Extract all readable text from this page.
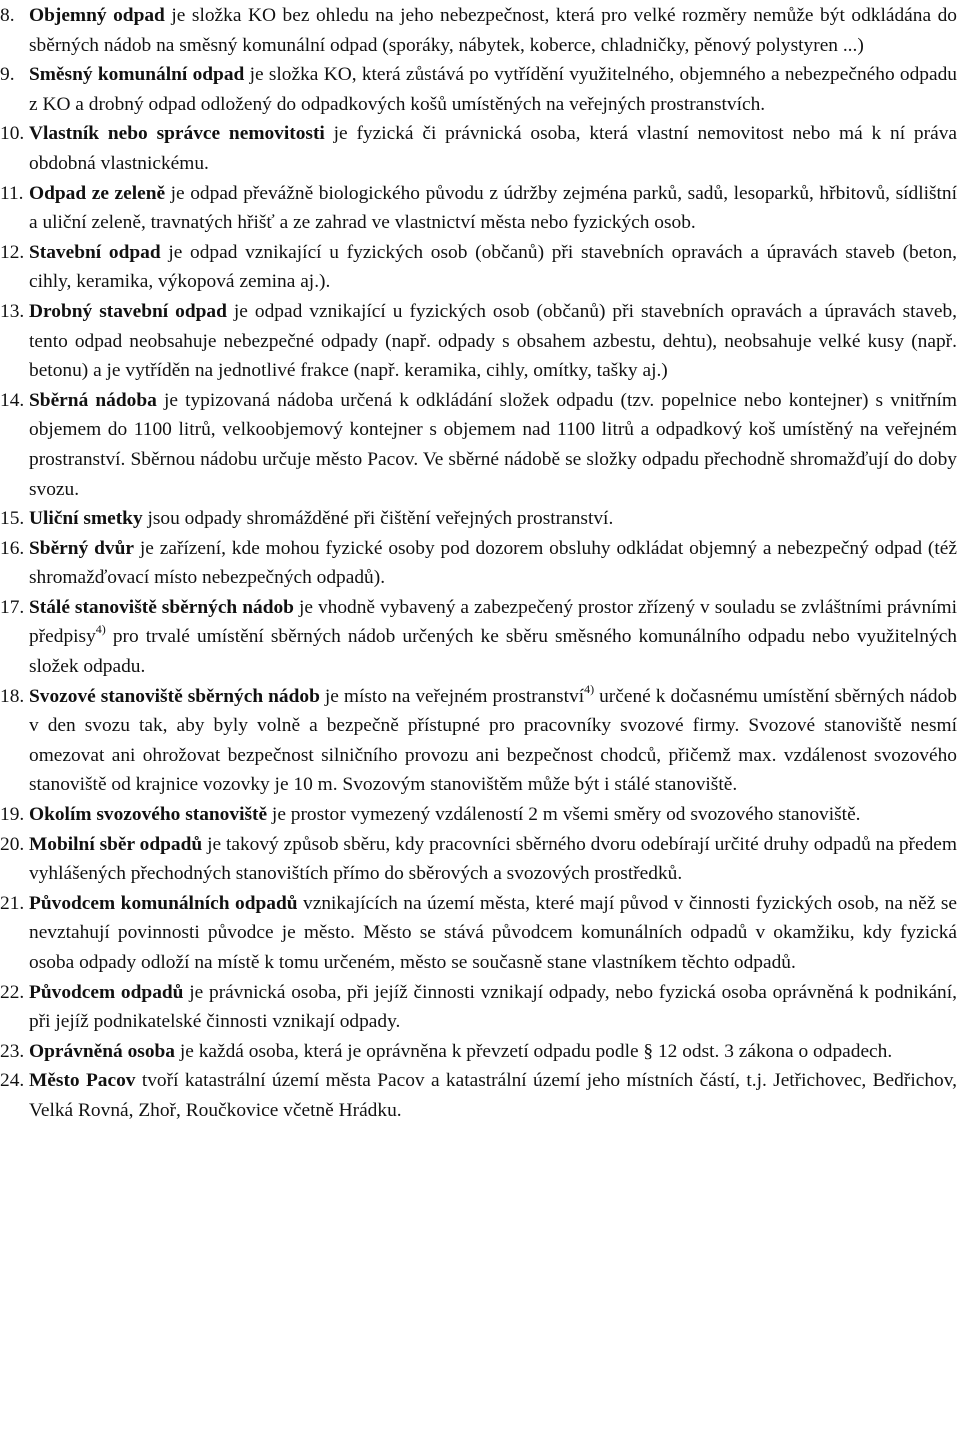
8. Objemný odpad je složka KO bez ohledu na jeho nebezpečnost, která pro velké rozměry nemůže být odkládána do sběrných nádob na směsný komunální odpad (sporáky, nábytek, koberce, chladničky, pěnový polystyren ...)
9. Směsný komunální odpad je složka KO, která zůstává po vytřídění využitelného, objemného a nebezpečného odpadu z KO a drobný odpad odložený do odpadkových košů umístěných na veřejných prostranstvích.
10. Vlastník nebo správce nemovitosti je fyzická či právnická osoba, která vlastní nemovitost nebo má k ní práva obdobná vlastnickému.
11. Odpad ze zeleně je odpad převážně biologického původu z údržby zejména parků, sadů, lesoparků, hřbitovů, sídlištní a uliční zeleně, travnatých hřišť a ze zahrad ve vlastnictví města nebo fyzických osob.
12. Stavební odpad je odpad vznikající u fyzických osob (občanů) při stavebních opravách a úpravách staveb (beton, cihly, keramika, výkopová zemina aj.).
13. Drobný stavební odpad je odpad vznikající u fyzických osob (občanů) při stavebních opravách a úpravách staveb, tento odpad neobsahuje nebezpečné odpady (např. odpady s obsahem azbestu, dehtu), neobsahuje velké kusy (např. betonu) a je vytříděn na jednotlivé frakce (např. keramika, cihly, omítky, tašky aj.)
14. Sběrná nádoba je typizovaná nádoba určená k odkládání složek odpadu (tzv. popelnice nebo kontejner) s vnitřním objemem do 1100 litrů, velkoobjemový kontejner s objemem nad 1100 litrů a odpadkový koš umístěný na veřejném prostranství. Sběrnou nádobu určuje město Pacov. Ve sběrné nádobě se složky odpadu přechodně shromažďují do doby svozu.
15. Uliční smetky jsou odpady shromážděné při čištění veřejných prostranství.
16. Sběrný dvůr je zařízení, kde mohou fyzické osoby pod dozorem obsluhy odkládat objemný a nebezpečný odpad (též shromažďovací místo nebezpečných odpadů).
17. Stálé stanoviště sběrných nádob je vhodně vybavený a zabezpečený prostor zřízený v souladu se zvláštními právními předpisy$^{4)}$ pro trvalé umístění sběrných nádob určených ke sběru směsného komunálního odpadu nebo využitelných složek odpadu.
18. Svozové stanoviště sběrných nádob je místo na veřejném prostranství$^{4)}$ určené k dočasnému umístění sběrných nádob v den svozu tak, aby byly volně a bezpečně přístupné pro pracovníky svozové firmy. Svozové stanoviště nesmí omezovat ani ohrožovat bezpečnost silničního provozu ani bezpečnost chodců, přičemž max. vzdálenost svozového stanoviště od krajnice vozovky je 10 m. Svozovým stanovištěm může být i stálé stanoviště.
19. Okolím svozového stanoviště je prostor vymezený vzdáleností 2 m všemi směry od svozového stanoviště.
20. Mobilní sběr odpadů je takový způsob sběru, kdy pracovníci sběrného dvoru odebírají určité druhy odpadů na předem vyhlášených přechodných stanovištích přímo do sběrových a svozových prostředků.
21. Původcem komunálních odpadů vznikajících na území města, které mají původ v činnosti fyzických osob, na něž se nevztahují povinnosti původce je město. Město se stává původcem komunálních odpadů v okamžiku, kdy fyzická osoba odpady odloží na místě k tomu určeném, město se současně stane vlastníkem těchto odpadů.
22. Původcem odpadů je právnická osoba, při jejíž činnosti vznikají odpady, nebo fyzická osoba oprávněná k podnikání, při jejíž podnikatelské činnosti vznikají odpady.
23. Oprávněná osoba je každá osoba, která je oprávněna k převzetí odpadu podle § 12 odst. 3 zákona o odpadech.
24. Město Pacov tvoří katastrální území města Pacov a katastrální území jeho místních částí, t.j. Jetřichovec, Bedřichov, Velká Rovná, Zhoř, Roučkovice včetně Hrádku.
